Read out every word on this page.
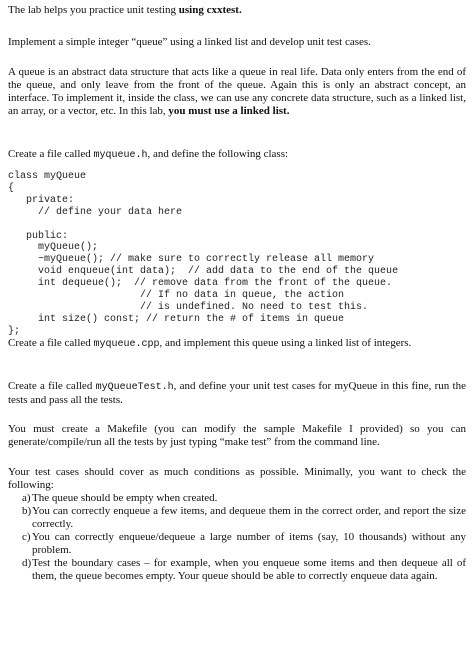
The lab helps you practice unit testing using cxxtest.

Implement a simple integer “queue” using a linked list and develop unit test cases.

A queue is an abstract data structure that acts like a queue in real life. Data only enters from the end of the queue, and only leave from the front of the queue. Again this is only an abstract concept, an interface. To implement it, inside the class, we can use any concrete data structure, such as a linked list, an array, or a vector, etc. In this lab, you must use a linked list.

Create a file called myqueue.h, and define the following class:

class myQueue
{
private:
// define your data here
public:
myQueue();
~myQueue(); // make sure to correctly release all memory
void enqueue(int data);  // add data to the end of the queue
int dequeue();  // remove data from the front of the queue.
// If no data in queue, the action
// is undefined. No need to test this.
int size() const; // return the # of items in queue
};

Create a file called myqueue.cpp, and implement this queue using a linked list of integers.

Create a file called myQueueTest.h, and define your unit test cases for myQueue in this fine, run the tests and pass all the tests.

You must create a Makefile (you can modify the sample Makefile I provided) so you can generate/compile/run all the tests by just typing “make test” from the command line.

Your test cases should cover as much conditions as possible. Minimally, you want to check the following:

a) The queue should be empty when created.
b) You can correctly enqueue a few items, and dequeue them in the correct order, and report the size correctly.
c) You can correctly enqueue/dequeue a large number of items (say, 10 thousands) without any problem.
d) Test the boundary cases – for example, when you enqueue some items and then dequeue all of them, the queue becomes empty. Your queue should be able to correctly enqueue data again.
